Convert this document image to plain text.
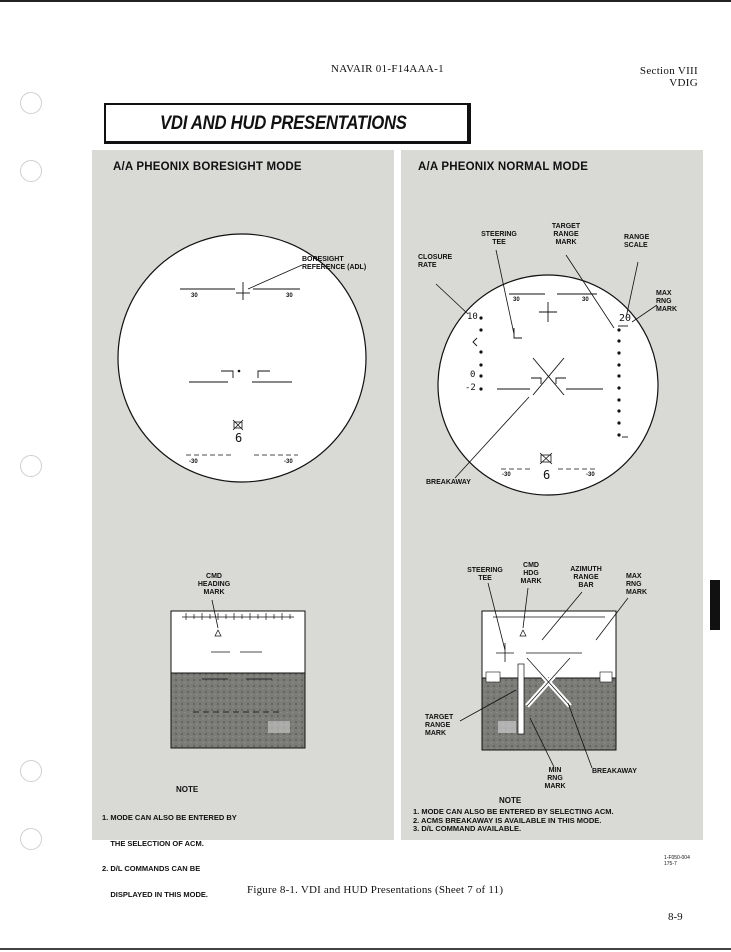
NAVAIR 01-F14AAA-1	Section VIII
VDIG
VDI AND HUD PRESENTATIONS
A/A PHEONIX BORESIGHT MODE	A/A PHEONIX NORMAL MODE
30	30
-30	-30
6
30	30
20
10
0
-2
-30	-30
6
BORESIGHT
REFERENCE (ADL)
CMD
HEADING
MARK
STEERING
TEE
TARGET
RANGE
MARK
RANGE
SCALE
CLOSURE
RATE
MAX
RNG
MARK
BREAKAWAY
STEERING
TEE
CMD
HDG
MARK
AZIMUTH
RANGE
BAR
MAX
RNG
MARK
TARGET
RANGE
MARK
MIN
RNG
MARK
BREAKAWAY
NOTE

1. MODE CAN ALSO BE ENTERED BY

THE SELECTION OF ACM.

2. D/L COMMANDS CAN BE

DISPLAYED IN THIS MODE.

NOTE
1. MODE CAN ALSO BE ENTERED BY SELECTING ACM.
2. ACMS BREAKAWAY IS AVAILABLE IN THIS MODE.
3. D/L COMMAND AVAILABLE.
1-F050-004
175-7
Figure 8-1. VDI and HUD Presentations (Sheet 7 of 11)
8-9
